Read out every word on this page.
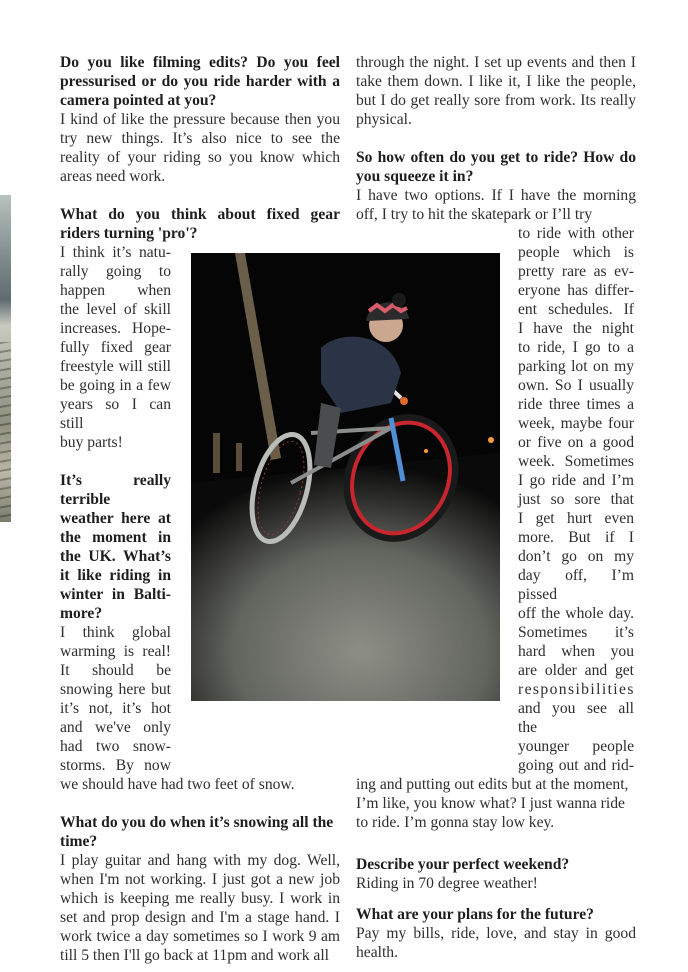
Do you like filming edits? Do you feel pressurised or do you ride harder with a camera pointed at you?

I kind of like the pressure because then you try new things. It’s also nice to see the reality of your riding so you know which areas need work.

What do you think about fixed gear riders turning 'pro'?

I think it’s natu-

rally going to

happen when

the level of skill

increases. Hope-

fully fixed gear

freestyle will still

be going in a few

years so I can still

buy parts!

It’s really terrible

weather here at

the moment in

the UK. What’s

it like riding in

winter in Balti-

more?

I think global

warming is real!

It should be

snowing here but

it’s not, it’s hot

and we've only

had two snow-

storms. By now

we should have had two feet of snow.

What do you do when it’s snowing all the time?

I play guitar and hang with my dog. Well, when I'm not working. I just got a new job which is keeping me really busy. I work in set and prop design and I'm a stage hand. I work twice a day sometimes so I work 9 am till 5 then I'll go back at 11pm and work all

through the night. I set up events and then I take them down. I like it, I like the people, but I do get really sore from work. Its really physical.

So how often do you get to ride? How do you squeeze it in?

I have two options. If I have the morning off, I try to hit the skatepark or I’ll try

to ride with other

people which is

pretty rare as ev-

eryone has differ-

ent schedules. If

I have the night

to ride, I go to a

parking lot on my

own. So I usually

ride three times a

week, maybe four

or five on a good

week. Sometimes

I go ride and I’m

just so sore that

I get hurt even

more. But if I

don’t go on my

day off, I’m pissed

off the whole day.

Sometimes it’s

hard when you

are older and get

responsibilities

and you see all the

younger people

going out and rid-

ing and putting out edits but at the moment, I’m like, you know what? I just wanna ride to ride. I’m gonna stay low key.

Describe your perfect weekend?

Riding in 70 degree weather!

What are your plans for the future?

Pay my bills, ride, love, and stay in good health.
